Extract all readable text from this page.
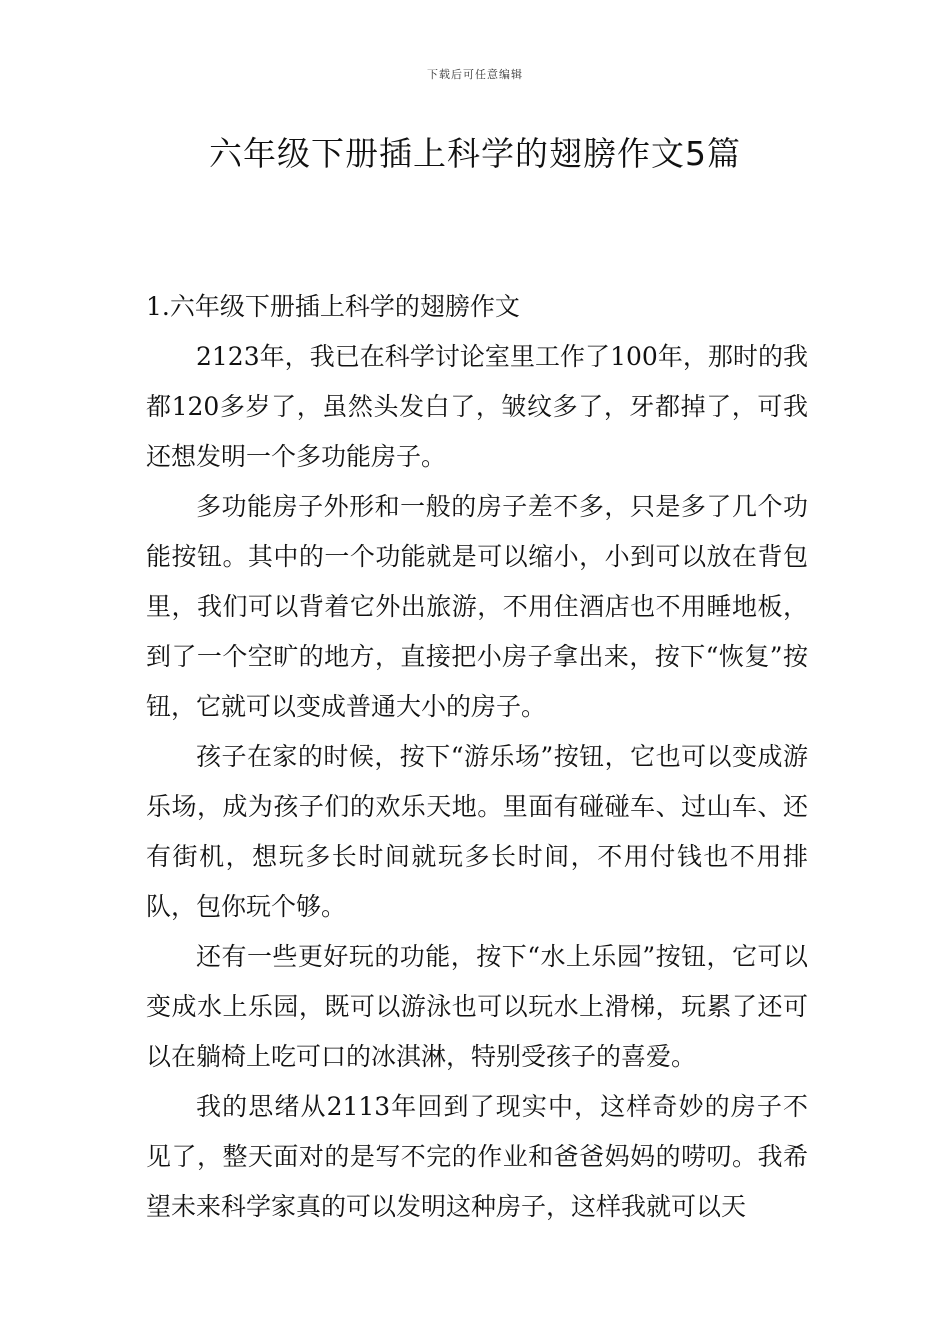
下载后可任意编辑
六年级下册插上科学的翅膀作文5篇

1.六年级下册插上科学的翅膀作文

2123年，我已在科学讨论室里工作了100年，那时的我都120多岁了，虽然头发白了，皱纹多了，牙都掉了，可我还想发明一个多功能房子。

多功能房子外形和一般的房子差不多，只是多了几个功能按钮。其中的一个功能就是可以缩小，小到可以放在背包里，我们可以背着它外出旅游，不用住酒店也不用睡地板，到了一个空旷的地方，直接把小房子拿出来，按下“恢复”按钮，它就可以变成普通大小的房子。

孩子在家的时候，按下“游乐场”按钮，它也可以变成游乐场，成为孩子们的欢乐天地。里面有碰碰车、过山车、还有街机，想玩多长时间就玩多长时间，不用付钱也不用排队，包你玩个够。

还有一些更好玩的功能，按下“水上乐园”按钮，它可以变成水上乐园，既可以游泳也可以玩水上滑梯，玩累了还可以在躺椅上吃可口的冰淇淋，特别受孩子的喜爱。

我的思绪从2113年回到了现实中，这样奇妙的房子不见了，整天面对的是写不完的作业和爸爸妈妈的唠叨。我希望未来科学家真的可以发明这种房子，这样我就可以天
